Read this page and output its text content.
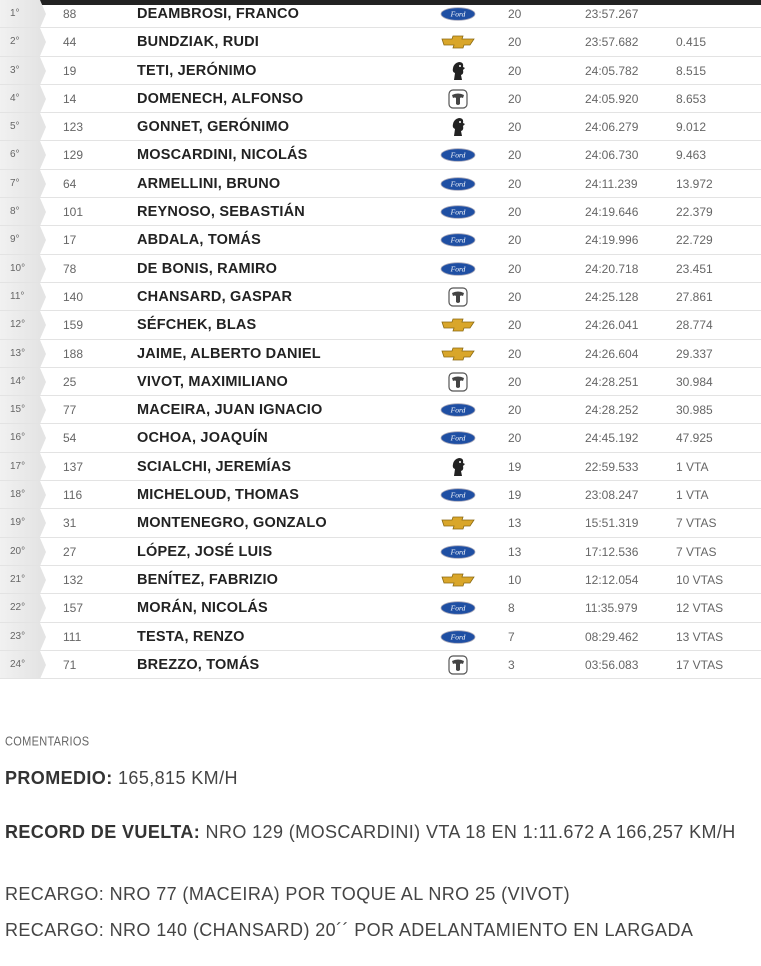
1°	88	DEAMBROSI, FRANCO	20	23:57.267
Ford
2°	44	BUNDZIAK, RUDI	20	23:57.682	0.415
3°	19	TETI, JERÓNIMO	20	24:05.782	8.515
4°	14	DOMENECH, ALFONSO	20	24:05.920	8.653
5°	123	GONNET, GERÓNIMO	20	24:06.279	9.012
6°	129	MOSCARDINI, NICOLÁS	20	24:06.730	9.463
Ford
7°	64	ARMELLINI, BRUNO	20	24:11.239	13.972
Ford
8°	101	REYNOSO, SEBASTIÁN	20	24:19.646	22.379
Ford
9°	17	ABDALA, TOMÁS	20	24:19.996	22.729
Ford
10°	78	DE BONIS, RAMIRO	20	24:20.718	23.451
Ford
11°	140	CHANSARD, GASPAR	20	24:25.128	27.861
12°	159	SÉFCHEK, BLAS	20	24:26.041	28.774
13°	188	JAIME, ALBERTO DANIEL	20	24:26.604	29.337
14°	25	VIVOT, MAXIMILIANO	20	24:28.251	30.984
15°	77	MACEIRA, JUAN IGNACIO	20	24:28.252	30.985
Ford
16°	54	OCHOA, JOAQUÍN	20	24:45.192	47.925
Ford
17°	137	SCIALCHI, JEREMÍAS	19	22:59.533	1 VTA
18°	116	MICHELOUD, THOMAS	19	23:08.247	1 VTA
Ford
19°	31	MONTENEGRO, GONZALO	13	15:51.319	7 VTAS
20°	27	LÓPEZ, JOSÉ LUIS	13	17:12.536	7 VTAS
Ford
21°	132	BENÍTEZ, FABRIZIO	10	12:12.054	10 VTAS
22°	157	MORÁN, NICOLÁS	8	11:35.979	12 VTAS
Ford
23°	111	TESTA, RENZO	7	08:29.462	13 VTAS
Ford
24°	71	BREZZO, TOMÁS	3	03:56.083	17 VTAS
COMENTARIOS

PROMEDIO: 165,815 KM/H

RECORD DE VUELTA: NRO 129 (MOSCARDINI) VTA 18 EN 1:11.672 A 166,257 KM/H

RECARGO: NRO 77 (MACEIRA) POR TOQUE AL NRO 25 (VIVOT)

RECARGO: NRO 140 (CHANSARD) 20´´ POR ADELANTAMIENTO EN LARGADA
